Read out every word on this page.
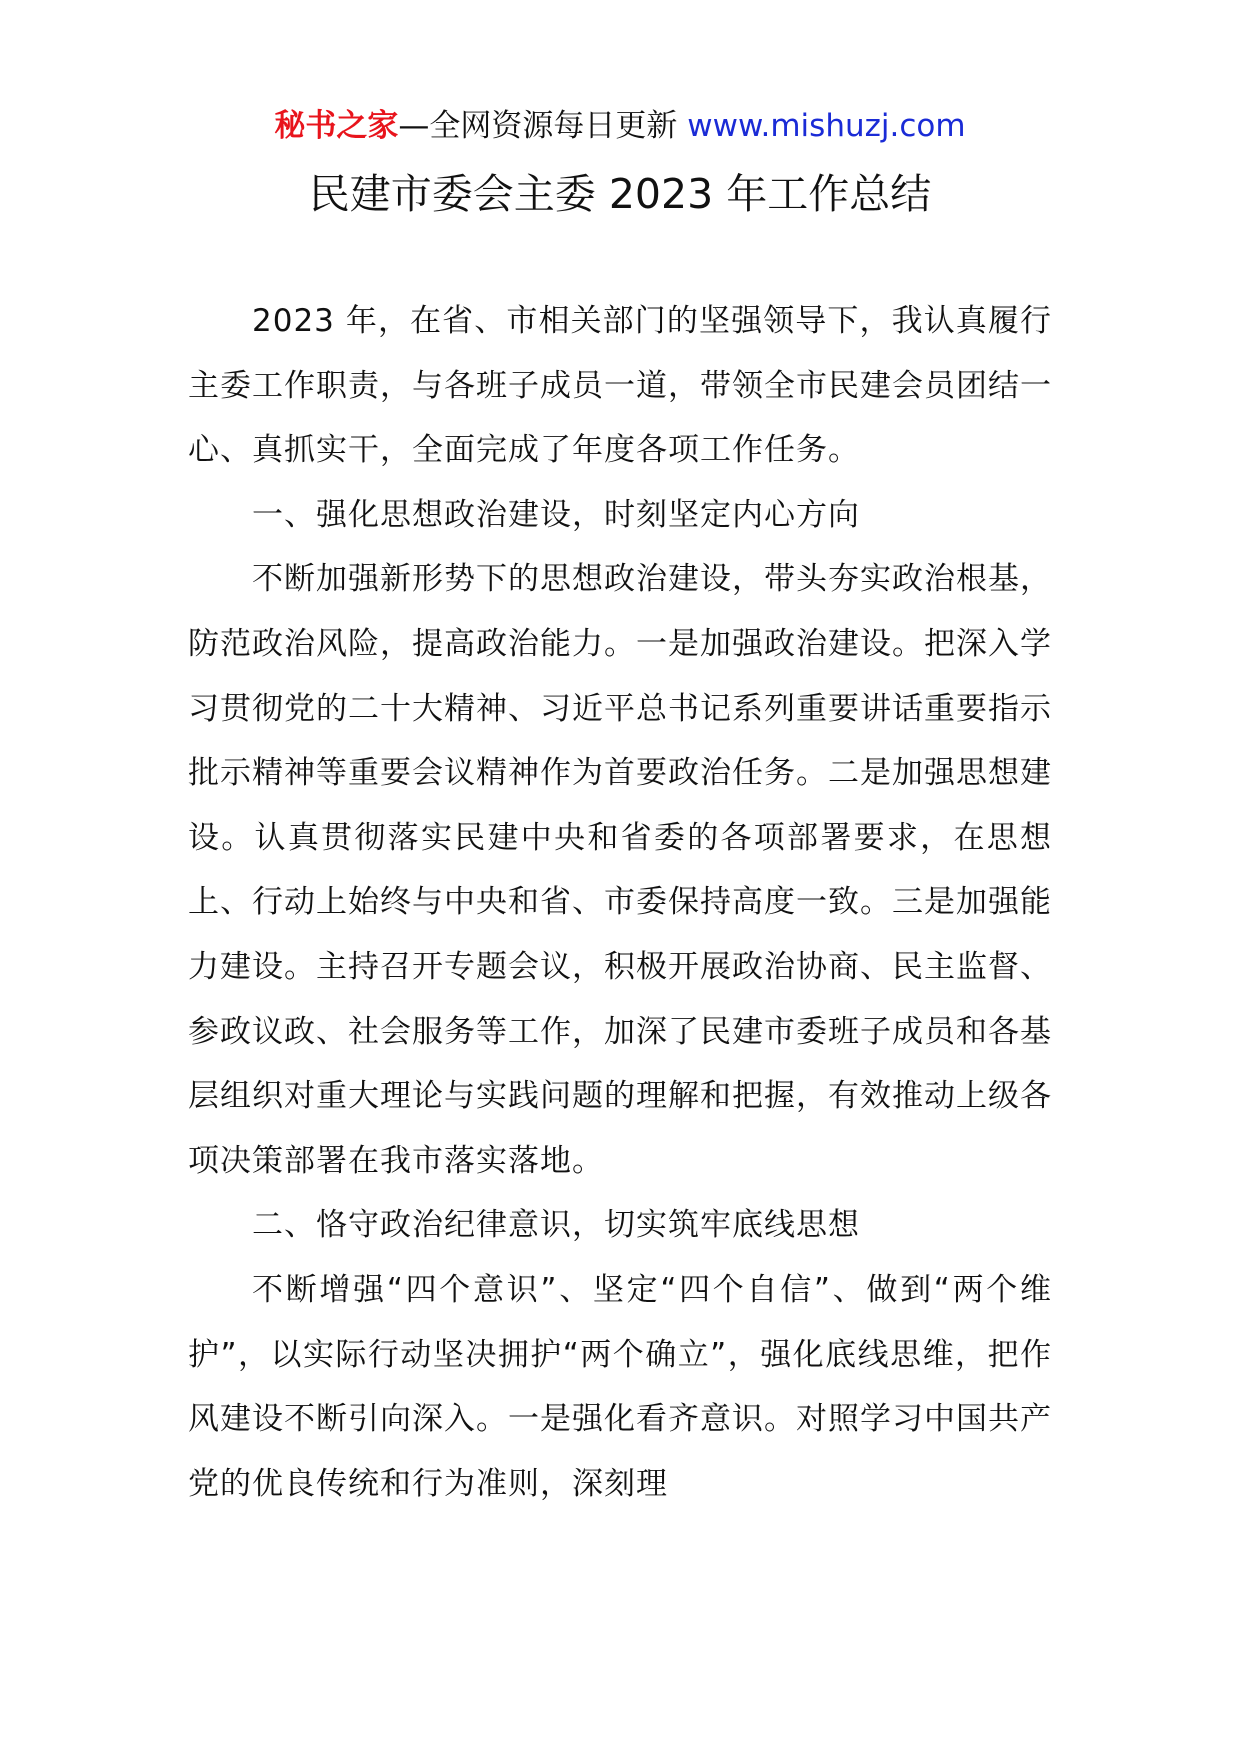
秘书之家—全网资源每日更新 www.mishuzj.com
民建市委会主委 2023 年工作总结

2023 年，在省、市相关部门的坚强领导下，我认真履行主委工作职责，与各班子成员一道，带领全市民建会员团结一心、真抓实干，全面完成了年度各项工作任务。

一、强化思想政治建设，时刻坚定内心方向

不断加强新形势下的思想政治建设，带头夯实政治根基，防范政治风险，提高政治能力。一是加强政治建设。把深入学习贯彻党的二十大精神、习近平总书记系列重要讲话重要指示批示精神等重要会议精神作为首要政治任务。二是加强思想建设。认真贯彻落实民建中央和省委的各项部署要求，在思想上、行动上始终与中央和省、市委保持高度一致。三是加强能力建设。主持召开专题会议，积极开展政治协商、民主监督、参政议政、社会服务等工作，加深了民建市委班子成员和各基层组织对重大理论与实践问题的理解和把握，有效推动上级各项决策部署在我市落实落地。

二、恪守政治纪律意识，切实筑牢底线思想

不断增强“四个意识”、坚定“四个自信”、做到“两个维护”，以实际行动坚决拥护“两个确立”，强化底线思维，把作风建设不断引向深入。一是强化看齐意识。对照学习中国共产党的优良传统和行为准则，深刻理
